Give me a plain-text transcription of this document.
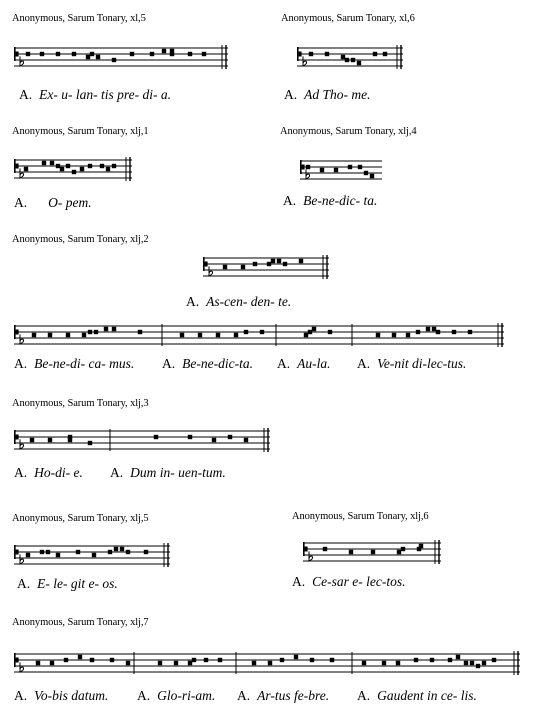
Anonymous, Sarum Tonary, xl,5
A. Ex- u- lan- tis pre- di- a.
Anonymous, Sarum Tonary, xl,6
A. Ad Tho- me.
Anonymous, Sarum Tonary, xlj,1
A. O- pem.
Anonymous, Sarum Tonary, xlj,4
A. Be-ne-dic- ta.
Anonymous, Sarum Tonary, xlj,2
A. As-cen- den- te.
A. Be-ne-di- ca- mus. A. Be-ne-dic-ta. A. Au-la. A. Ve-nit di-lec-tus.
Anonymous, Sarum Tonary, xlj,3
A. Ho-di- e. A. Dum in- uen-tum.
Anonymous, Sarum Tonary, xlj,5
A. E- le- git e- os.
Anonymous, Sarum Tonary, xlj,6
A. Ce-sar e- lec-tos.
Anonymous, Sarum Tonary, xlj,7
A. Vo-bis datum. A. Glo-ri-am. A. Ar-tus fe-bre. A. Gaudent in ce- lis.
